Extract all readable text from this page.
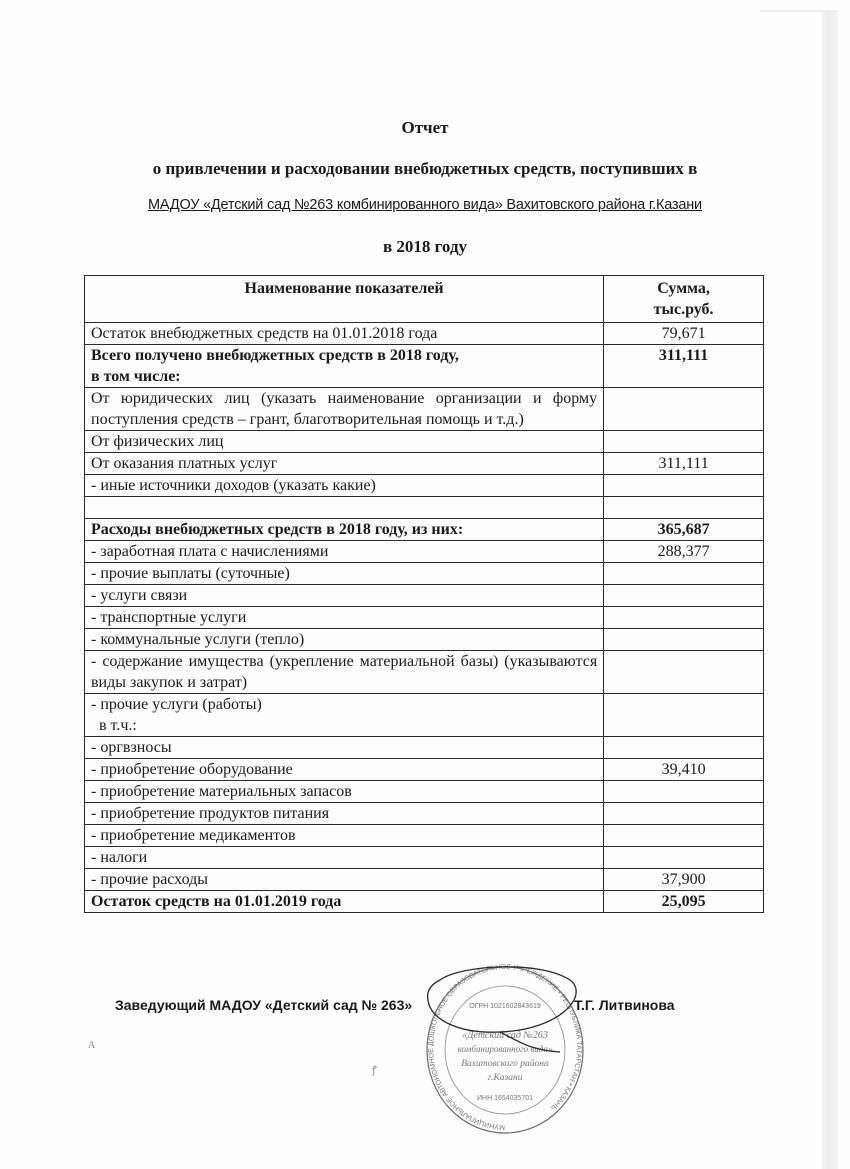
Отчет
о привлечении и расходовании внебюджетных средств, поступивших в
МАДОУ «Детский сад №263 комбинированного вида» Вахитовского района г.Казани
в 2018 году
Наименование показателей	Сумма,
тыс.руб.
Остаток внебюджетных средств на 01.01.2018 года	79,671
Всего получено внебюджетных средств в 2018 году,
в том числе:	311,111
От юридических лиц (указать наименование организации и форму поступления средств – грант, благотворительная помощь и т.д.)	
От физических лиц	
От оказания платных услуг	311,111
- иные источники доходов (указать какие)	

Расходы внебюджетных средств в 2018 году, из них:	365,687
- заработная плата с начислениями	288,377
- прочие выплаты (суточные)	
- услуги связи	
- транспортные услуги	
- коммунальные услуги (тепло)	
- содержание имущества (укрепление материальной базы) (указываются виды закупок и затрат)	
- прочие услуги (работы)
в т.ч.:	
- оргвзносы	
- приобретение оборудование	39,410
- приобретение материальных запасов	
- приобретение продуктов питания	
- приобретение медикаментов	
- налоги	
- прочие расходы	37,900
Остаток средств на 01.01.2019 года	25,095
Заведующий МАДОУ «Детский сад № 263»	Т.Г. Литвинова
МУНИЦИПАЛЬНОЕ АВТОНОМНОЕ ДОШКОЛЬНОЕ ОБРАЗОВАТЕЛЬНОЕ УЧРЕЖДЕНИЕ • РЕСПУБЛИКА ТАТАРСТАН • КАЗАНЬ
ОГРН 1021602843619
«Детский сад №263
комбинированного вида»
Вахитовского района
г.Казани
ИНН 1654035701
A
ꝭ
